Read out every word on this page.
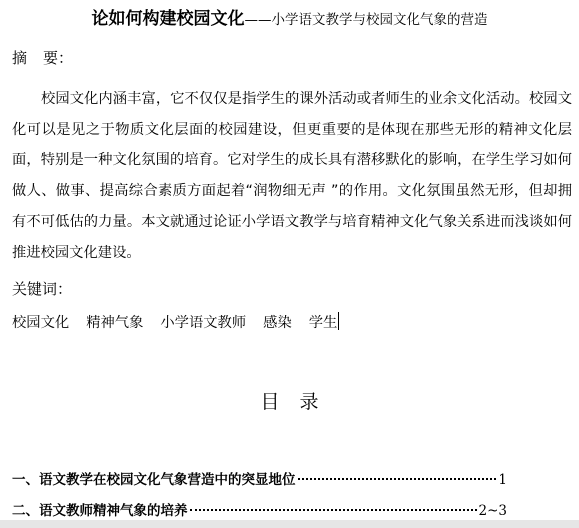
论如何构建校园文化——小学语文教学与校园文化气象的营造
摘 要：

校园文化内涵丰富，它不仅仅是指学生的课外活动或者师生的业余文化活动。校园文化可以是见之于物质文化层面的校园建设，但更重要的是体现在那些无形的精神文化层面，特别是一种文化氛围的培育。它对学生的成长具有潜移默化的影响，在学生学习如何做人、做事、提高综合素质方面起着“润物细无声 ”的作用。文化氛围虽然无形，但却拥有不可低估的力量。本文就通过论证小学语文教学与培育精神文化气象关系进而浅谈如何推进校园文化建设。

关键词：
校园文化 精神气象 小学语文教师 感染 学生
目录
一、语文教学在校园文化气象营造中的突显地位	1
二、语文教师精神气象的培养	2~3
